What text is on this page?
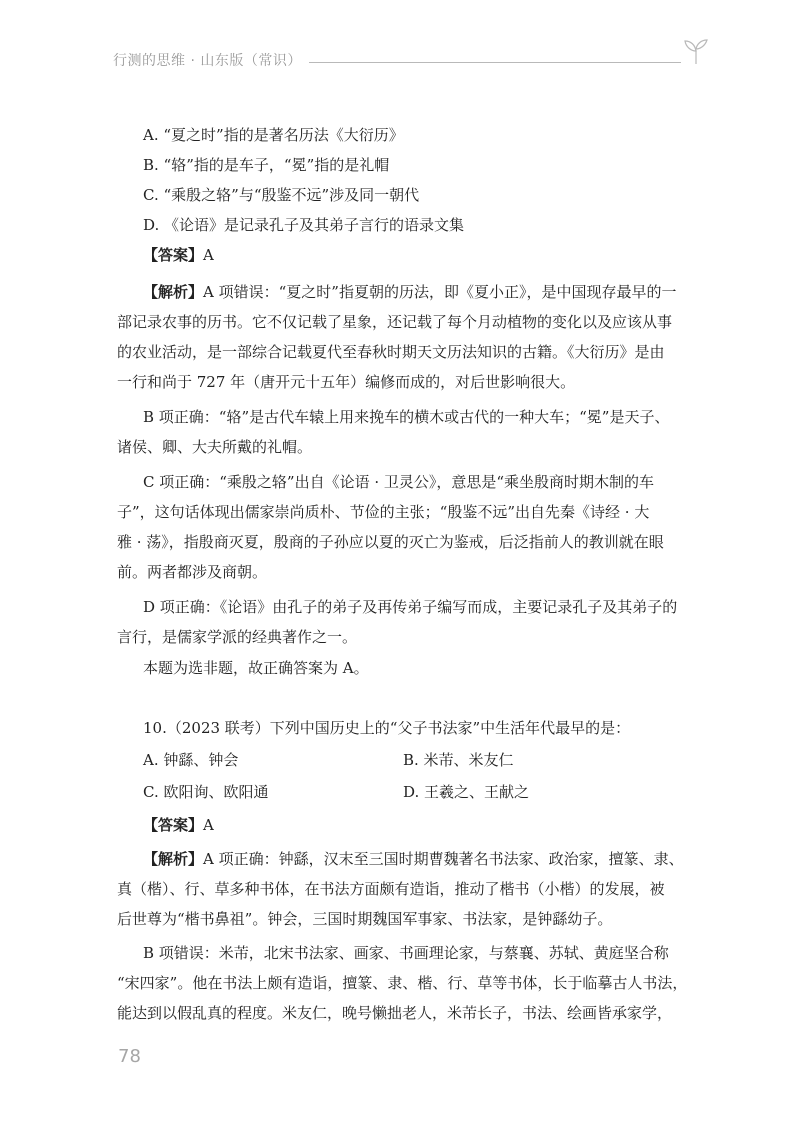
行测的思维 · 山东版（常识）
A. “夏之时”指的是著名历法《大衍历》
B. “辂”指的是车子，“冕”指的是礼帽
C. “乘殷之辂”与“殷鉴不远”涉及同一朝代
D. 《论语》是记录孔子及其弟子言行的语录文集
【答案】A
【解析】A 项错误：“夏之时”指夏朝的历法，即《夏小正》，是中国现存最早的一
部记录农事的历书。它不仅记载了星象，还记载了每个月动植物的变化以及应该从事
的农业活动，是一部综合记载夏代至春秋时期天文历法知识的古籍。《大衍历》是由
一行和尚于 727 年（唐开元十五年）编修而成的，对后世影响很大。
B 项正确：“辂”是古代车辕上用来挽车的横木或古代的一种大车；“冕”是天子、
诸侯、卿、大夫所戴的礼帽。
C 项正确：“乘殷之辂”出自《论语 · 卫灵公》，意思是“乘坐殷商时期木制的车
子”，这句话体现出儒家崇尚质朴、节俭的主张；“殷鉴不远”出自先秦《诗经 · 大
雅 · 荡》，指殷商灭夏，殷商的子孙应以夏的灭亡为鉴戒，后泛指前人的教训就在眼
前。两者都涉及商朝。
D 项正确：《论语》由孔子的弟子及再传弟子编写而成，主要记录孔子及其弟子的
言行，是儒家学派的经典著作之一。
本题为选非题，故正确答案为 A。
10.（2023 联考）下列中国历史上的“父子书法家”中生活年代最早的是：
A. 钟繇、钟会	B. 米芾、米友仁
C. 欧阳询、欧阳通	D. 王羲之、王献之
【答案】A
【解析】A 项正确：钟繇，汉末至三国时期曹魏著名书法家、政治家，擅篆、隶、
真（楷）、行、草多种书体，在书法方面颇有造诣，推动了楷书（小楷）的发展，被
后世尊为“楷书鼻祖”。钟会，三国时期魏国军事家、书法家，是钟繇幼子。
B 项错误：米芾，北宋书法家、画家、书画理论家，与蔡襄、苏轼、黄庭坚合称
“宋四家”。他在书法上颇有造诣，擅篆、隶、楷、行、草等书体，长于临摹古人书法，
能达到以假乱真的程度。米友仁，晚号懒拙老人，米芾长子，书法、绘画皆承家学，
78
